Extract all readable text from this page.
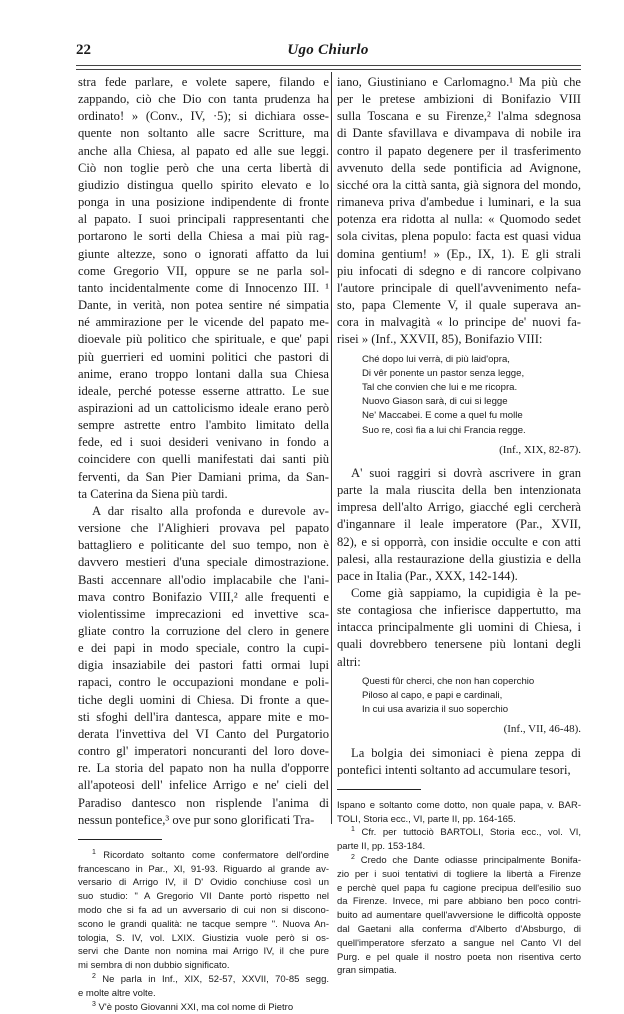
22	Ugo Chiurlo
stra fede parlare, e volete sapere, filando e
zappando, ciò che Dio con tanta prudenza ha
ordinato! » (Conv., IV, ·5); si dichiara osse-
quente non soltanto alle sacre Scritture, ma
anche alla Chiesa, al papato ed alle sue leggi.
Ciò non toglie però che una certa libertà di
giudizio distingua quello spirito elevato e lo
ponga in una posizione indipendente di fronte
al papato. I suoi principali rappresentanti che
portarono le sorti della Chiesa a mai più rag-
giunte altezze, sono o ignorati affatto da lui
come Gregorio VII, oppure se ne parla sol-
tanto incidentalmente come di Innocenzo III. ¹
Dante, in verità, non potea sentire né simpatia
né ammirazione per le vicende del papato me-
dioevale più politico che spirituale, e que' papi
più guerrieri ed uomini politici che pastori di
anime, erano troppo lontani dalla sua Chiesa
ideale, perché potesse esserne attratto. Le sue
aspirazioni ad un cattolicismo ideale erano però
sempre astrette entro l'ambito limitato della
fede, ed i suoi desideri venivano in fondo a
coincidere con quelli manifestati dai santi più
ferventi, da San Pier Damiani prima, da San-
ta Caterina da Siena più tardi.
A dar risalto alla profonda e durevole av-
versione che l'Alighieri provava pel papato
battagliero e politicante del suo tempo, non è
davvero mestieri d'una speciale dimostrazione.
Basti accennare all'odio implacabile che l'ani-
mava contro Bonifazio VIII,² alle frequenti e
violentissime imprecazioni ed invettive sca-
gliate contro la corruzione del clero in genere
e dei papi in modo speciale, contro la cupi-
digia insaziabile dei pastori fatti ormai lupi
rapaci, contro le occupazioni mondane e poli-
tiche degli uomini di Chiesa. Di fronte a que-
sti sfoghi dell'ira dantesca, appare mite e mo-
derata l'invettiva del VI Canto del Purgatorio
contro gl' imperatori noncuranti del loro dove-
re. La storia del papato non ha nulla d'opporre
all'apoteosi dell' infelice Arrigo e ne' cieli del
Paradiso dantesco non risplende l'anima di
nessun pontefice,³ ove pur sono glorificati Tra-
$^1$ Ricordato soltanto come confermatore dell'ordine
francescano in Par., XI, 91-93. Riguardo al grande av-
versario di Arrigo IV, il D' Ovidio conchiuse così un
suo studio: " A Gregorio VII Dante portò rispetto nel
modo che si fa ad un avversario di cui non si discono-
scono le grandi qualità: ne tacque sempre ". Nuova An-
tologia, S. IV, vol. LXIX. Giustizia vuole però si os-
servi che Dante non nomina mai Arrigo IV, il che pure
mi sembra di non dubbio significato.
$^2$ Ne parla in Inf., XIX, 52-57, XXVII, 70-85 segg.
e molte altre volte.
$^3$ V'è posto Giovanni XXI, ma col nome di Pietro
iano, Giustiniano e Carlomagno.¹ Ma più che
per le pretese ambizioni di Bonifazio VIII
sulla Toscana e su Firenze,² l'alma sdegnosa
di Dante sfavillava e divampava di nobile ira
contro il papato degenere per il trasferimento
avvenuto della sede pontificia ad Avignone,
sicché ora la città santa, già signora del mondo,
rimaneva priva d'ambedue i luminari, e la sua
potenza era ridotta al nulla: « Quomodo sedet
sola civitas, plena populo: facta est quasi vidua
domina gentium! » (Ep., IX, 1). E gli strali
piu infocati di sdegno e di rancore colpivano
l'autore principale di quell'avvenimento nefa-
sto, papa Clemente V, il quale superava an-
cora in malvagità « lo principe de' nuovi fa-
risei » (Inf., XXVII, 85), Bonifazio VIII:
Ché dopo lui verrà, di più laid'opra,
Di vêr ponente un pastor senza legge,
Tal che convien che lui e me ricopra.
Nuovo Giason sarà, di cui si legge
Ne' Maccabei. E come a quel fu molle
Suo re, così fia a lui chi Francia regge.
(Inf., XIX, 82-87).
A' suoi raggiri si dovrà ascrivere in gran
parte la mala riuscita della ben intenzionata
impresa dell'alto Arrigo, giacché egli cercherà
d'ingannare il leale imperatore (Par., XVII,
82), e si opporrà, con insidie occulte e con atti
palesi, alla restaurazione della giustizia e della
pace in Italia (Par., XXX, 142-144).
Come già sappiamo, la cupidigia è la pe-
ste contagiosa che infierisce dappertutto, ma
intacca principalmente gli uomini di Chiesa, i
quali dovrebbero tenersene più lontani degli
altri:
Questi fûr cherci, che non han coperchio
Piloso al capo, e papi e cardinali,
In cui usa avarizia il suo soperchio
(Inf., VII, 46-48).
La bolgia dei simoniaci è piena zeppa di
pontefici intenti soltanto ad accumulare tesori,
Ispano e soltanto come dotto, non quale papa, v. BAR-
TOLI, Storia ecc., VI, parte II, pp. 164-165.
$^1$ Cfr. per tuttociò BARTOLI, Storia ecc., vol. VI,
parte II, pp. 153-184.
$^2$ Credo che Dante odiasse principalmente Bonifa-
zio per i suoi tentativi di togliere la libertà a Firenze
e perchè quel papa fu cagione precipua dell'esilio suo
da Firenze. Invece, mi pare abbiano ben poco contri-
buito ad aumentare quell'avversione le difficoltà opposte
dal Gaetani alla conferma d'Alberto d'Absburgo, di
quell'imperatore sferzato a sangue nel Canto VI del
Purg. e pel quale il nostro poeta non risentiva certo
gran simpatia.
